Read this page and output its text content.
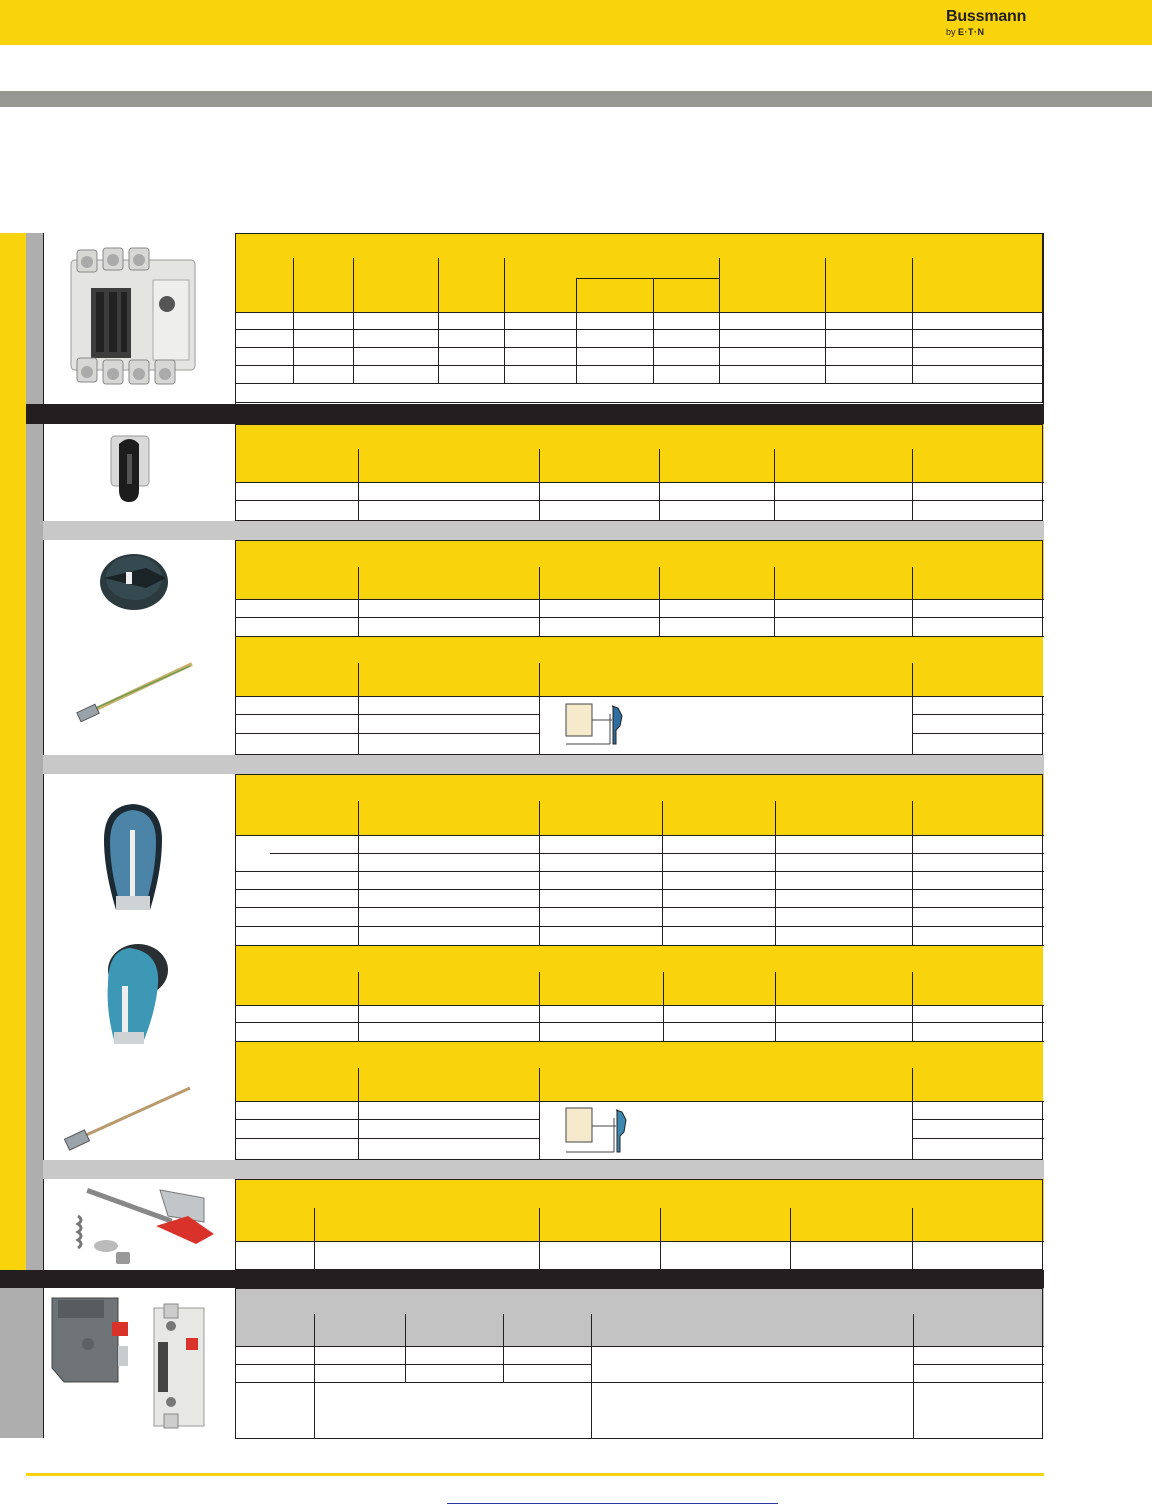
Bussmann
by E·T·N
